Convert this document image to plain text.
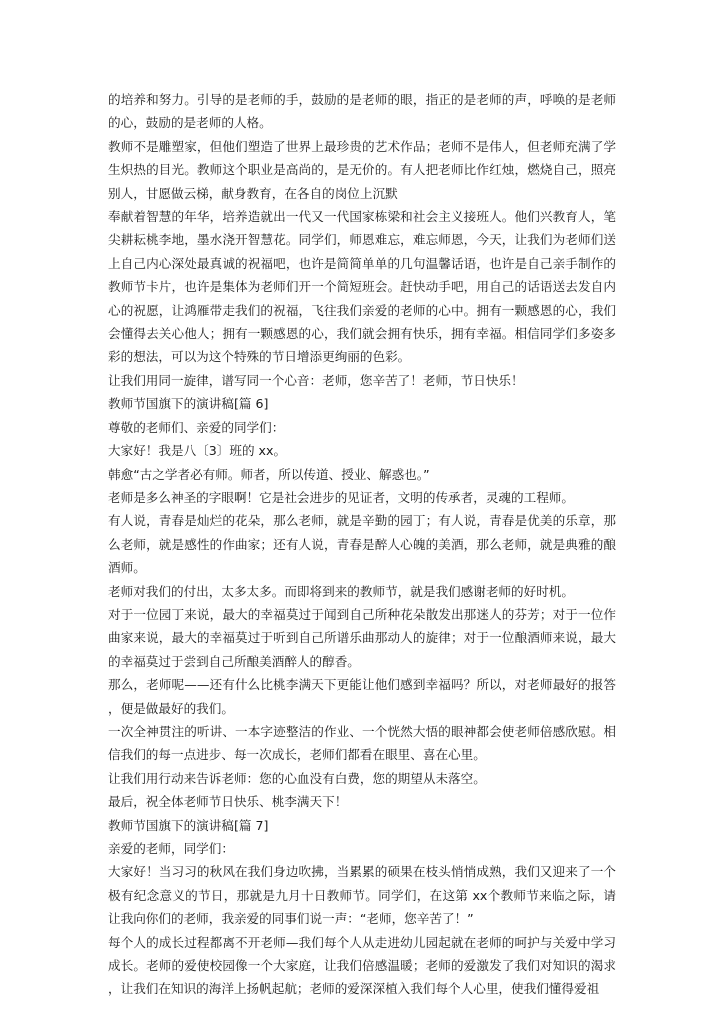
的培养和努力。引导的是老师的手，鼓励的是老师的眼，指正的是老师的声，呼唤的是老师的心，鼓励的是老师的人格。

教师不是雕塑家，但他们塑造了世界上最珍贵的艺术作品；老师不是伟人，但老师充满了学生炽热的目光。教师这个职业是高尚的，是无价的。有人把老师比作红烛，燃烧自己，照亮别人，甘愿做云梯，献身教育，在各自的岗位上沉默

奉献着智慧的年华，培养造就出一代又一代国家栋梁和社会主义接班人。他们兴教育人，笔尖耕耘桃李地，墨水浇开智慧花。同学们，师恩难忘，难忘师恩，今天，让我们为老师们送上自己内心深处最真诚的祝福吧，也许是简简单单的几句温馨话语，也许是自己亲手制作的教师节卡片，也许是集体为老师们开一个简短班会。赶快动手吧，用自己的话语送去发自内心的祝愿，让鸿雁带走我们的祝福，飞往我们亲爱的老师的心中。拥有一颗感恩的心，我们会懂得去关心他人；拥有一颗感恩的心，我们就会拥有快乐，拥有幸福。相信同学们多姿多彩的想法，可以为这个特殊的节日增添更绚丽的色彩。

让我们用同一旋律，谱写同一个心音：老师，您辛苦了！老师，节日快乐！

教师节国旗下的演讲稿[篇 6]

尊敬的老师们、亲爱的同学们：

大家好！我是八〔3〕班的 xx。

韩愈“古之学者必有师。师者，所以传道、授业、解惑也。”

老师是多么神圣的字眼啊！它是社会进步的见证者，文明的传承者，灵魂的工程师。

有人说，青春是灿烂的花朵，那么老师，就是辛勤的园丁；有人说，青春是优美的乐章，那么老师，就是感性的作曲家；还有人说，青春是醉人心魄的美酒，那么老师，就是典雅的酿酒师。

老师对我们的付出，太多太多。而即将到来的教师节，就是我们感谢老师的好时机。

对于一位园丁来说，最大的幸福莫过于闻到自己所种花朵散发出那迷人的芬芳；对于一位作曲家来说，最大的幸福莫过于听到自己所谱乐曲那动人的旋律；对于一位酿酒师来说，最大的幸福莫过于尝到自己所酿美酒醉人的醇香。

那么，老师呢——还有什么比桃李满天下更能让他们感到幸福吗？所以，对老师最好的报答，便是做最好的我们。

一次全神贯注的听讲、一本字迹整洁的作业、一个恍然大悟的眼神都会使老师倍感欣慰。相信我们的每一点进步、每一次成长，老师们都看在眼里、喜在心里。

让我们用行动来告诉老师：您的心血没有白费，您的期望从未落空。

最后，祝全体老师节日快乐、桃李满天下！

教师节国旗下的演讲稿[篇 7]

亲爱的老师，同学们：

大家好！当习习的秋风在我们身边吹拂，当累累的硕果在枝头悄悄成熟，我们又迎来了一个极有纪念意义的节日，那就是九月十日教师节。同学们，在这第 xx个教师节来临之际，请让我向你们的老师，我亲爱的同事们说一声：“老师，您辛苦了！”

每个人的成长过程都离不开老师—我们每个人从走进幼儿园起就在老师的呵护与关爱中学习成长。老师的爱使校园像一个大家庭，让我们倍感温暖；老师的爱激发了我们对知识的渴求，让我们在知识的海洋上扬帆起航；老师的爱深深植入我们每个人心里，使我们懂得爱祖
